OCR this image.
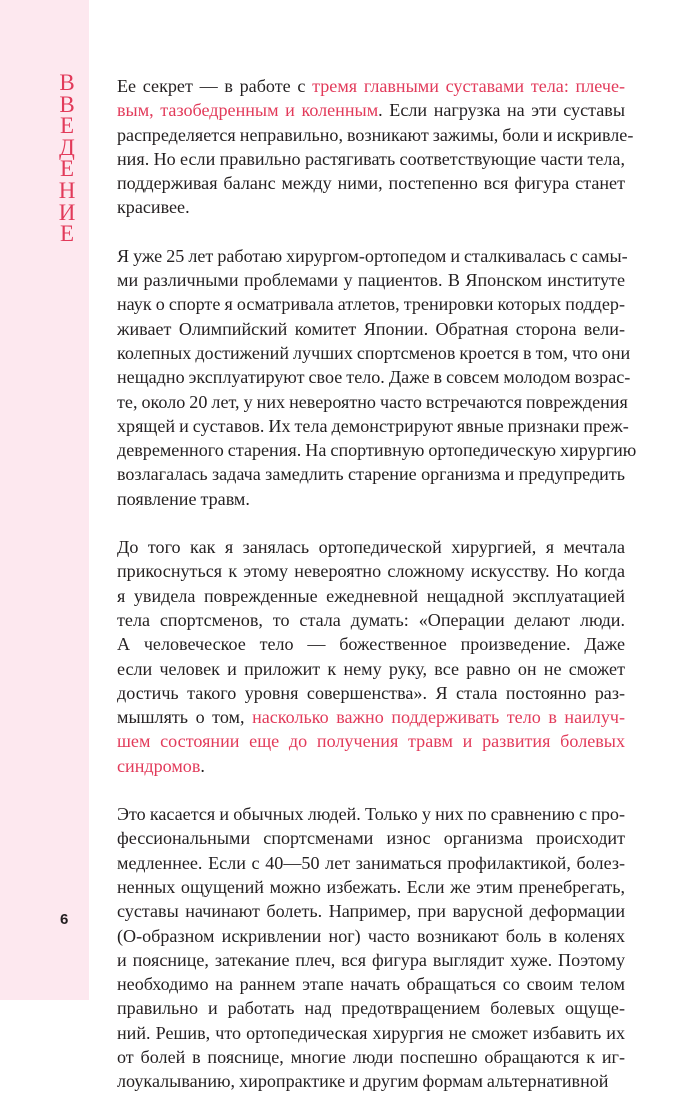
В
В
Е
Д
Е
Н
И
Е
6

Ее секрет — в работе с тремя главными суставами тела: плече-
вым, тазобедренным и коленным. Если нагрузка на эти суставы
распределяется неправильно, возникают зажимы, боли и искривле-
ния. Но если правильно растягивать соответствующие части тела,
поддерживая баланс между ними, постепенно вся фигура станет
красивее.

Я уже 25 лет работаю хирургом-ортопедом и сталкивалась с самы-
ми различными проблемами у пациентов. В Японском институте
наук о спорте я осматривала атлетов, тренировки которых поддер-
живает Олимпийский комитет Японии. Обратная сторона вели-
колепных достижений лучших спортсменов кроется в том, что они
нещадно эксплуатируют свое тело. Даже в совсем молодом возрас-
те, около 20 лет, у них невероятно часто встречаются повреждения
хрящей и суставов. Их тела демонстрируют явные признаки преж-
девременного старения. На спортивную ортопедическую хирургию
возлагалась задача замедлить старение организма и предупредить
появление травм.

До того как я занялась ортопедической хирургией, я мечтала
прикоснуться к этому невероятно сложному искусству. Но когда
я увидела поврежденные ежедневной нещадной эксплуатацией
тела спортсменов, то стала думать: «Операции делают люди.
А человеческое тело — божественное произведение. Даже
если человек и приложит к нему руку, все равно он не сможет
достичь такого уровня совершенства». Я стала постоянно раз-
мышлять о том, насколько важно поддерживать тело в наилуч-
шем состоянии еще до получения травм и развития болевых
синдромов.

Это касается и обычных людей. Только у них по сравнению с про-
фессиональными спортсменами износ организма происходит
медленнее. Если с 40—50 лет заниматься профилактикой, болез-
ненных ощущений можно избежать. Если же этим пренебрегать,
суставы начинают болеть. Например, при варусной деформации
(О-образном искривлении ног) часто возникают боль в коленях
и пояснице, затекание плеч, вся фигура выглядит хуже. Поэтому
необходимо на раннем этапе начать обращаться со своим телом
правильно и работать над предотвращением болевых ощуще-
ний. Решив, что ортопедическая хирургия не сможет избавить их
от болей в пояснице, многие люди поспешно обращаются к иг-
лоукалыванию, хиропрактике и другим формам альтернативной
